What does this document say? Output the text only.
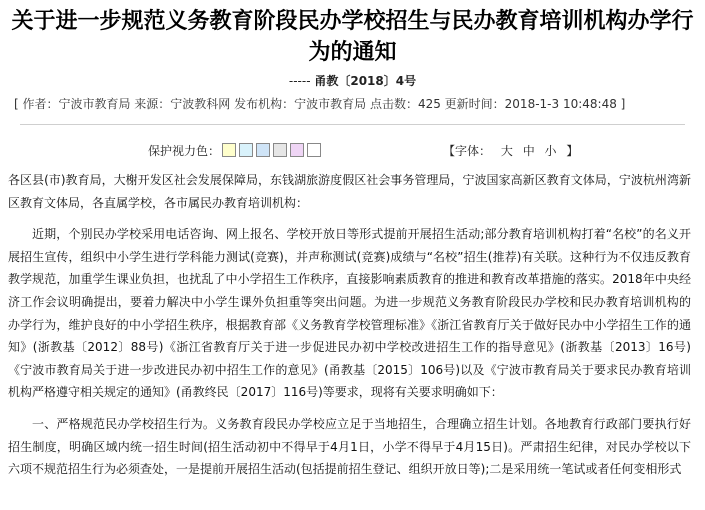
关于进一步规范义务教育阶段民办学校招生与民办教育培训机构办学行为的通知
----- 甬教〔2018〕4号
[ 作者：宁波市教育局 来源：宁波教科网 发布机构：宁波市教育局 点击数：425 更新时间：2018-1-3 10:48:48 ]
保护视力色：	【字体： 大 中 小 】

各区县(市)教育局，大榭开发区社会发展保障局，东钱湖旅游度假区社会事务管理局，宁波国家高新区教育文体局，宁波杭州湾新区教育文体局，各直属学校，各市属民办教育培训机构：

近期，个别民办学校采用电话咨询、网上报名、学校开放日等形式提前开展招生活动;部分教育培训机构打着“名校”的名义开展招生宣传，组织中小学生进行学科能力测试(竞赛)，并声称测试(竞赛)成绩与“名校”招生(推荐)有关联。这种行为不仅违反教育教学规范，加重学生课业负担，也扰乱了中小学招生工作秩序，直接影响素质教育的推进和教育改革措施的落实。2018年中央经济工作会议明确提出，要着力解决中小学生课外负担重等突出问题。为进一步规范义务教育阶段民办学校和民办教育培训机构的办学行为，维护良好的中小学招生秩序，根据教育部《义务教育学校管理标准》《浙江省教育厅关于做好民办中小学招生工作的通知》(浙教基〔2012〕88号)《浙江省教育厅关于进一步促进民办初中学校改进招生工作的指导意见》(浙教基〔2013〕16号)《宁波市教育局关于进一步改进民办初中招生工作的意见》(甬教基〔2015〕106号)以及《宁波市教育局关于要求民办教育培训机构严格遵守相关规定的通知》(甬教终民〔2017〕116号)等要求，现将有关要求明确如下：

一、严格规范民办学校招生行为。义务教育段民办学校应立足于当地招生，合理确立招生计划。各地教育行政部门要执行好招生制度，明确区域内统一招生时间(招生活动初中不得早于4月1日，小学不得早于4月15日)。严肃招生纪律，对民办学校以下六项不规范招生行为必须查处，一是提前开展招生活动(包括提前招生登记、组织开放日等);二是采用统一笔试或者任何变相形式
